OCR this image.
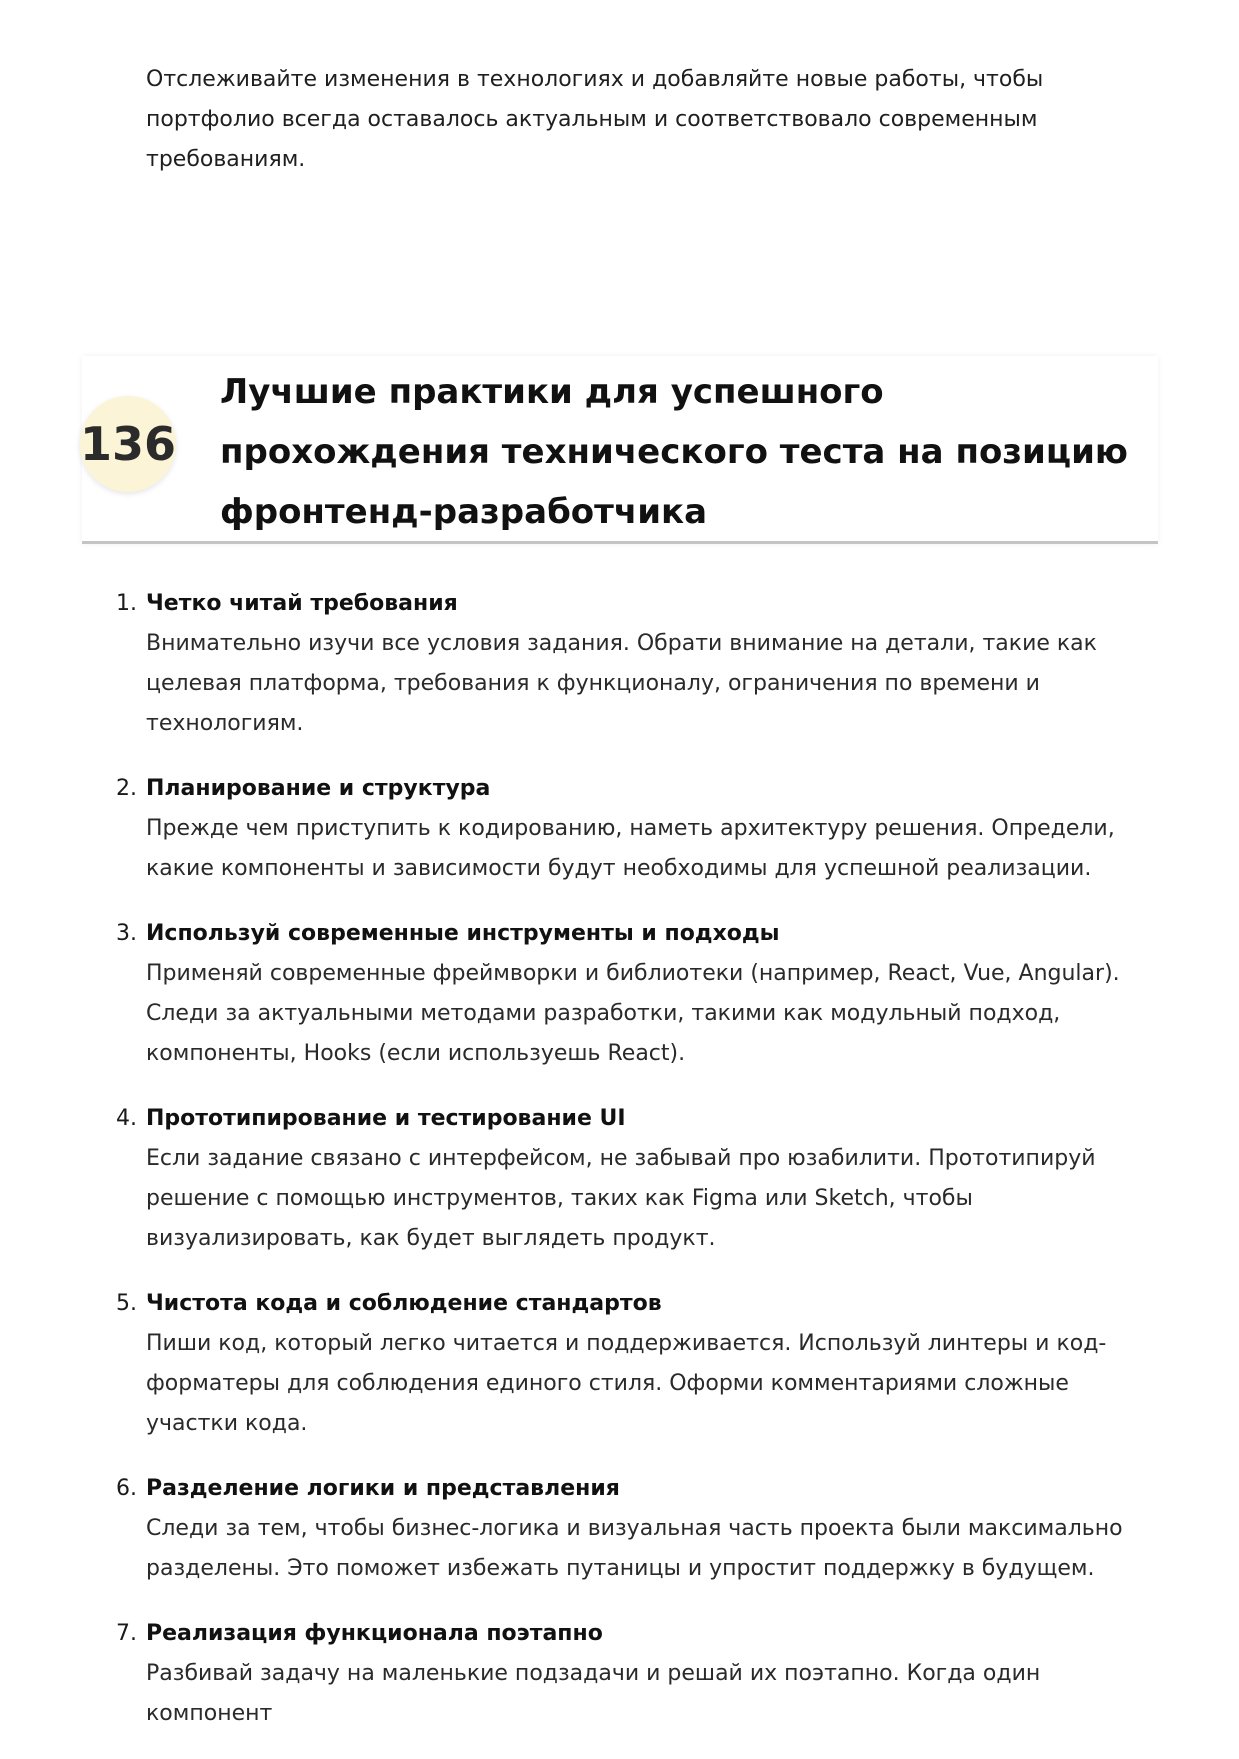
Отслеживайте изменения в технологиях и добавляйте новые работы, чтобы портфолио всегда оставалось актуальным и соответствовало современным требованиям.

136
Лучшие практики для успешного прохождения технического теста на позицию фронтенд-разработчика
1. Четко читай требования
Внимательно изучи все условия задания. Обрати внимание на детали, такие как целевая платформа, требования к функционалу, ограничения по времени и технологиям.
2. Планирование и структура
Прежде чем приступить к кодированию, наметь архитектуру решения. Определи, какие компоненты и зависимости будут необходимы для успешной реализации.
3. Используй современные инструменты и подходы
Применяй современные фреймворки и библиотеки (например, React, Vue, Angular). Следи за актуальными методами разработки, такими как модульный подход, компоненты, Hooks (если используешь React).
4. Прототипирование и тестирование UI
Если задание связано с интерфейсом, не забывай про юзабилити. Прототипируй решение с помощью инструментов, таких как Figma или Sketch, чтобы визуализировать, как будет выглядеть продукт.
5. Чистота кода и соблюдение стандартов
Пиши код, который легко читается и поддерживается. Используй линтеры и код-форматеры для соблюдения единого стиля. Оформи комментариями сложные участки кода.
6. Разделение логики и представления
Следи за тем, чтобы бизнес-логика и визуальная часть проекта были максимально разделены. Это поможет избежать путаницы и упростит поддержку в будущем.
7. Реализация функционала поэтапно
Разбивай задачу на маленькие подзадачи и решай их поэтапно. Когда один компонент
